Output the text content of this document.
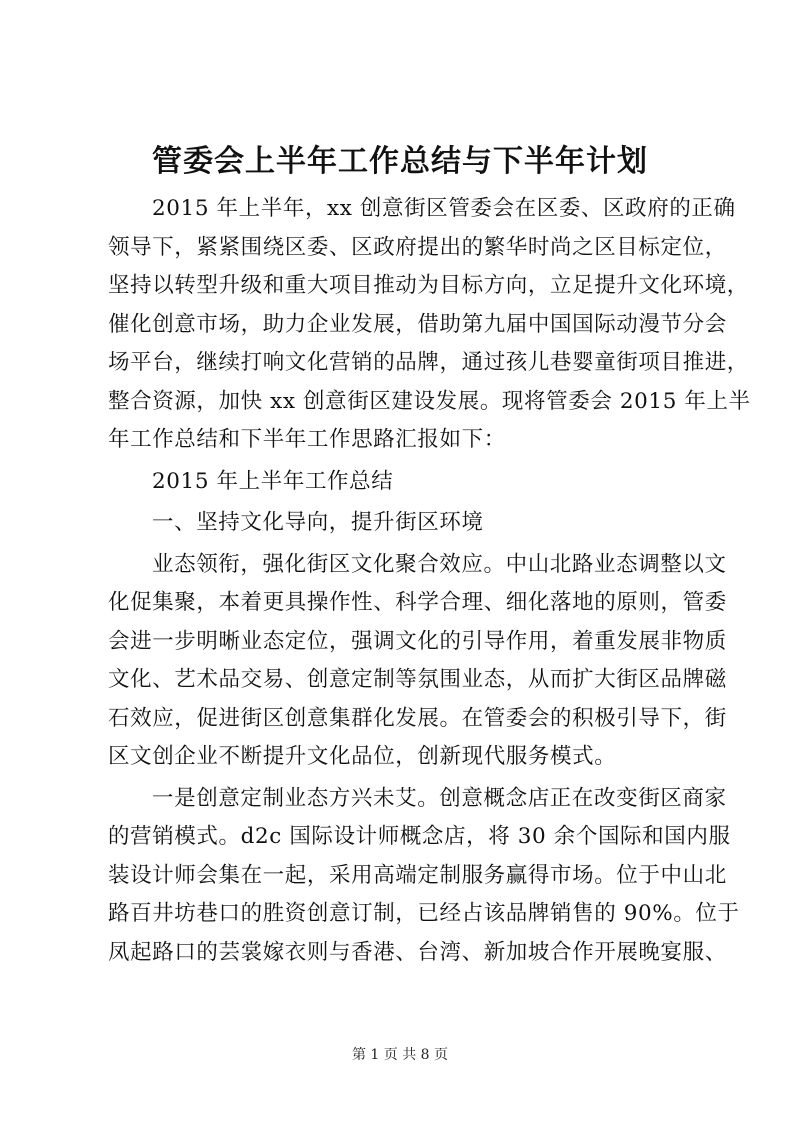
管委会上半年工作总结与下半年计划
2015 年上半年，xx 创意街区管委会在区委、区政府的正确
领导下，紧紧围绕区委、区政府提出的繁华时尚之区目标定位，
坚持以转型升级和重大项目推动为目标方向，立足提升文化环境，
催化创意市场，助力企业发展，借助第九届中国国际动漫节分会
场平台，继续打响文化营销的品牌，通过孩儿巷婴童街项目推进，
整合资源，加快 xx 创意街区建设发展。现将管委会 2015 年上半
年工作总结和下半年工作思路汇报如下：
2015 年上半年工作总结
一、坚持文化导向，提升街区环境
业态领衔，强化街区文化聚合效应。中山北路业态调整以文
化促集聚，本着更具操作性、科学合理、细化落地的原则，管委
会进一步明晰业态定位，强调文化的引导作用，着重发展非物质
文化、艺术品交易、创意定制等氛围业态，从而扩大街区品牌磁
石效应，促进街区创意集群化发展。在管委会的积极引导下，街
区文创企业不断提升文化品位，创新现代服务模式。
一是创意定制业态方兴未艾。创意概念店正在改变街区商家
的营销模式。d2c 国际设计师概念店，将 30 余个国际和国内服
装设计师会集在一起，采用高端定制服务赢得市场。位于中山北
路百井坊巷口的胜资创意订制，已经占该品牌销售的 90%。位于
凤起路口的芸裳嫁衣则与香港、台湾、新加坡合作开展晚宴服、
第 1 页 共 8 页
